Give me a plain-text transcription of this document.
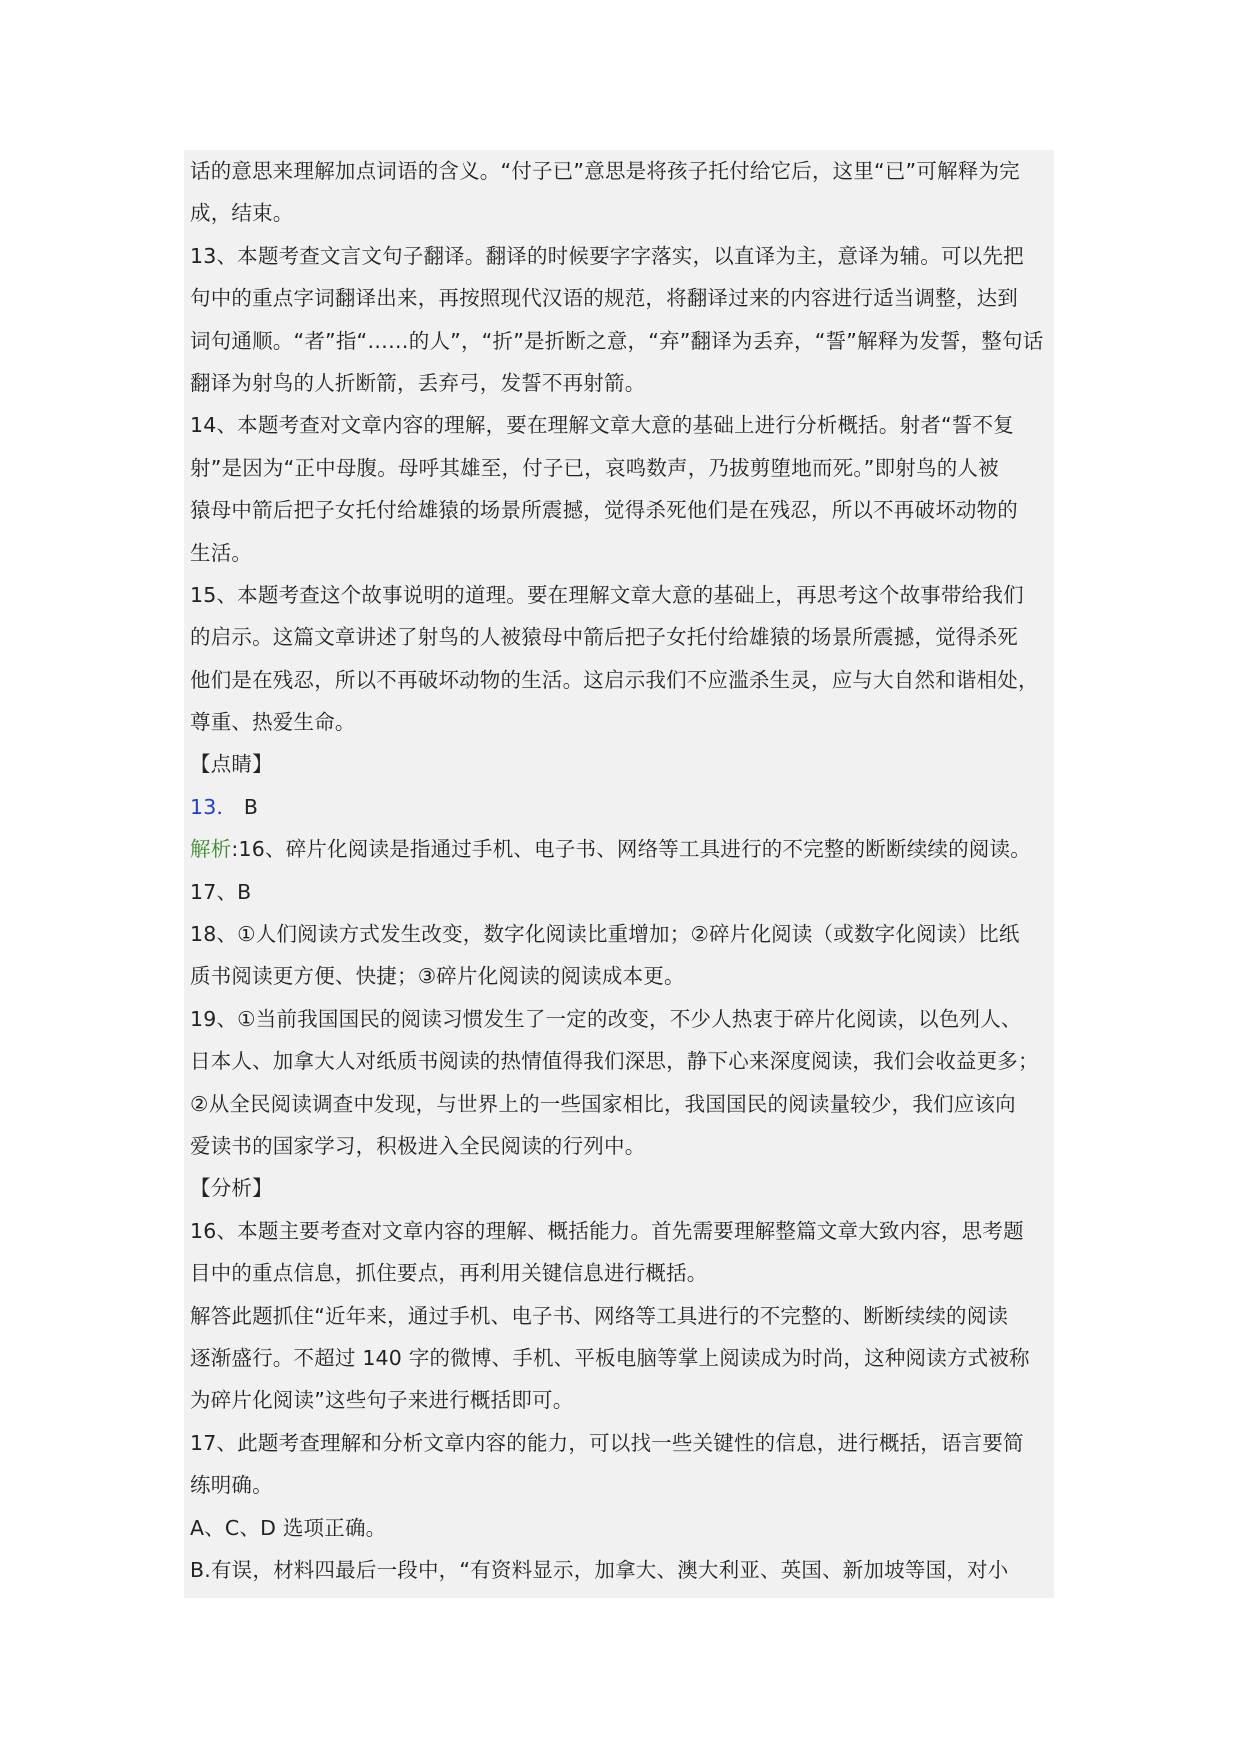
话的意思来理解加点词语的含义。“付子已”意思是将孩子托付给它后，这里“已”可解释为完
成，结束。
13、本题考查文言文句子翻译。翻译的时候要字字落实，以直译为主，意译为辅。可以先把
句中的重点字词翻译出来，再按照现代汉语的规范，将翻译过来的内容进行适当调整，达到
词句通顺。“者”指“……的人”，“折”是折断之意，“弃”翻译为丢弃，“誓”解释为发誓，整句话
翻译为射鸟的人折断箭，丢弃弓，发誓不再射箭。
14、本题考查对文章内容的理解，要在理解文章大意的基础上进行分析概括。射者“誓不复
射”是因为“正中母腹。母呼其雄至，付子已，哀鸣数声，乃拔剪堕地而死。”即射鸟的人被
猿母中箭后把子女托付给雄猿的场景所震撼，觉得杀死他们是在残忍，所以不再破坏动物的
生活。
15、本题考查这个故事说明的道理。要在理解文章大意的基础上，再思考这个故事带给我们
的启示。这篇文章讲述了射鸟的人被猿母中箭后把子女托付给雄猿的场景所震撼，觉得杀死
他们是在残忍，所以不再破坏动物的生活。这启示我们不应滥杀生灵，应与大自然和谐相处，
尊重、热爱生命。
【点睛】
13． B
解析:16、碎片化阅读是指通过手机、电子书、网络等工具进行的不完整的断断续续的阅读。
17、B
18、①人们阅读方式发生改变，数字化阅读比重增加；②碎片化阅读（或数字化阅读）比纸
质书阅读更方便、快捷；③碎片化阅读的阅读成本更。
19、①当前我国国民的阅读习惯发生了一定的改变，不少人热衷于碎片化阅读，以色列人、
日本人、加拿大人对纸质书阅读的热情值得我们深思，静下心来深度阅读，我们会收益更多；
②从全民阅读调查中发现，与世界上的一些国家相比，我国国民的阅读量较少，我们应该向
爱读书的国家学习，积极进入全民阅读的行列中。
【分析】
16、本题主要考查对文章内容的理解、概括能力。首先需要理解整篇文章大致内容，思考题
目中的重点信息，抓住要点，再利用关键信息进行概括。
解答此题抓住“近年来，通过手机、电子书、网络等工具进行的不完整的、断断续续的阅读
逐渐盛行。不超过 140 字的微博、手机、平板电脑等掌上阅读成为时尚，这种阅读方式被称
为碎片化阅读”这些句子来进行概括即可。
17、此题考查理解和分析文章内容的能力，可以找一些关键性的信息，进行概括，语言要简
练明确。
A、C、D 选项正确。
B.有误，材料四最后一段中，“有资料显示，加拿大、澳大利亚、英国、新加坡等国，对小
